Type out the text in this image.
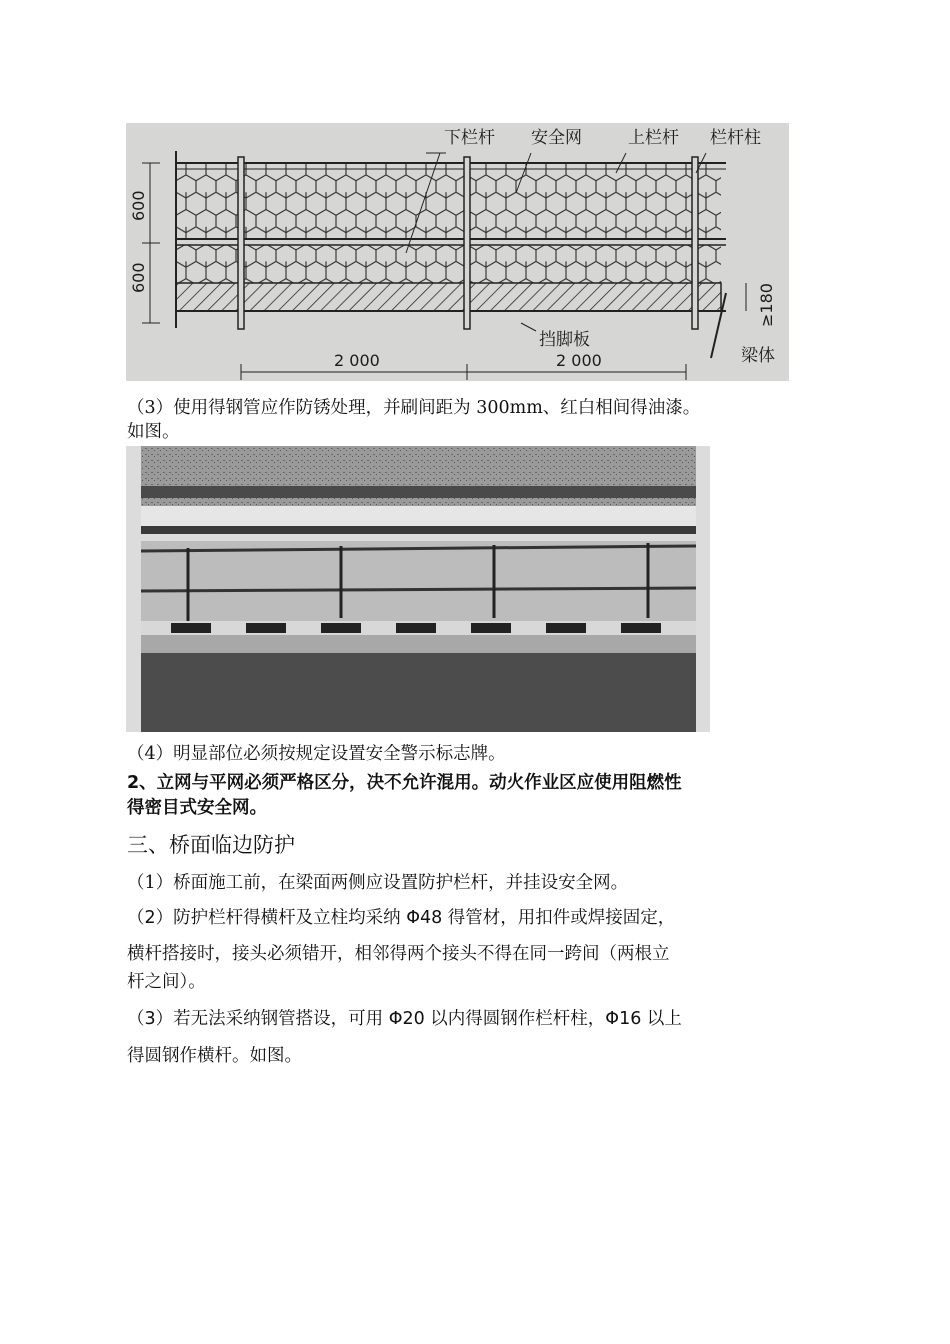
下栏杆 安全网	上栏杆 栏杆柱
挡脚板
梁体
600
600
≥180
2 000	2 000
（3）使用得钢管应作防锈处理，并刷间距为 300mm、红白相间得油漆。
如图。
（4）明显部位必须按规定设置安全警示标志牌。
2、立网与平网必须严格区分，决不允许混用。动火作业区应使用阻燃性
得密目式安全网。
三、桥面临边防护
（1）桥面施工前，在梁面两侧应设置防护栏杆，并挂设安全网。
（2）防护栏杆得横杆及立柱均采纳 Φ48 得管材，用扣件或焊接固定，
横杆搭接时，接头必须错开，相邻得两个接头不得在同一跨间（两根立
杆之间）。
（3）若无法采纳钢管搭设，可用 Φ20 以内得圆钢作栏杆柱，Φ16 以上
得圆钢作横杆。如图。
